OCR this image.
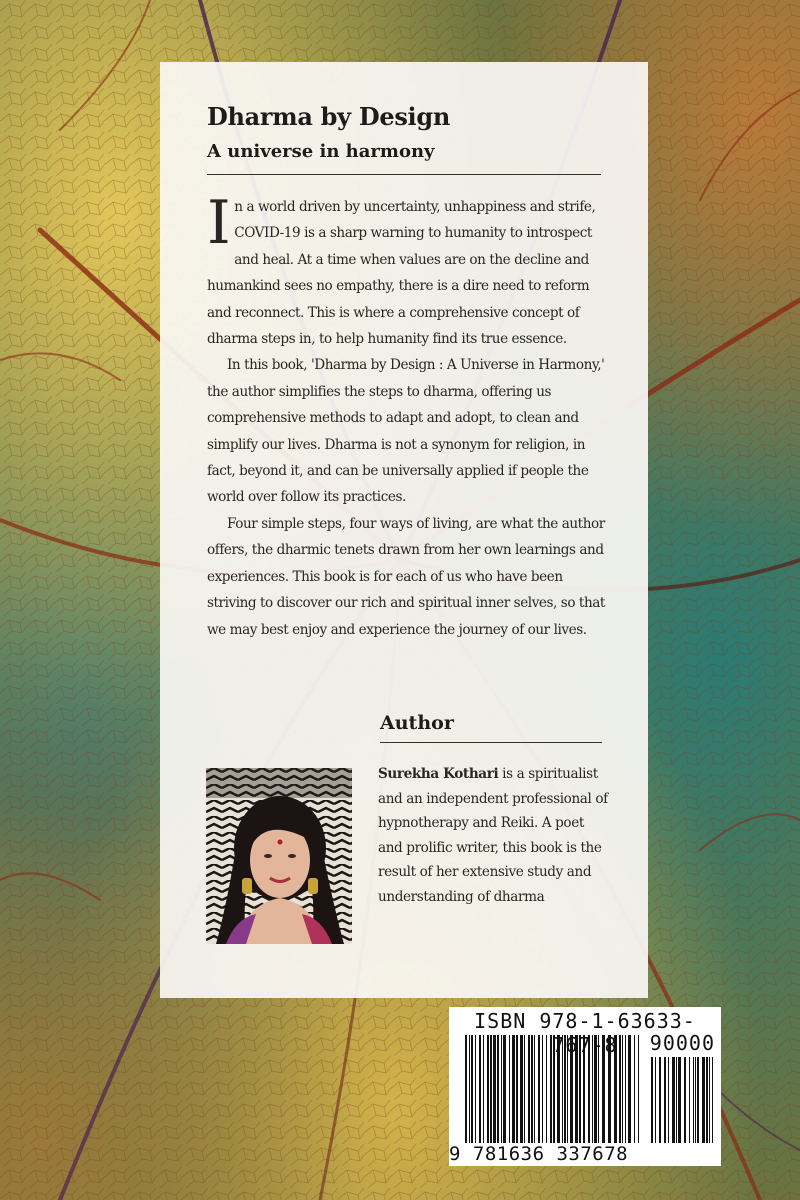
Dharma by Design
A universe in harmony

In a world driven by uncertainty, unhappiness and strife, COVID-19 is a sharp warning to humanity to introspect and heal. At a time when values are on the decline and humankind sees no empathy, there is a dire need to reform and reconnect. This is where a comprehensive concept of dharma steps in, to help humanity find its true essence.

In this book, 'Dharma by Design : A Universe in Harmony,' the author simplifies the steps to dharma, offering us comprehensive methods to adapt and adopt, to clean and simplify our lives. Dharma is not a synonym for religion, in fact, beyond it, and can be universally applied if people the world over follow its practices.

Four simple steps, four ways of living, are what the author offers, the dharmic tenets drawn from her own learnings and experiences. This book is for each of us who have been striving to discover our rich and spiritual inner selves, so that we may best enjoy and experience the journey of our lives.

Author

Surekha Kothari is a spiritualist and an independent professional of hypnotherapy and Reiki. A poet and prolific writer, this book is the result of her extensive study and understanding of dharma

ISBN 978-1-63633-767-8	90000
9 781636 337678
